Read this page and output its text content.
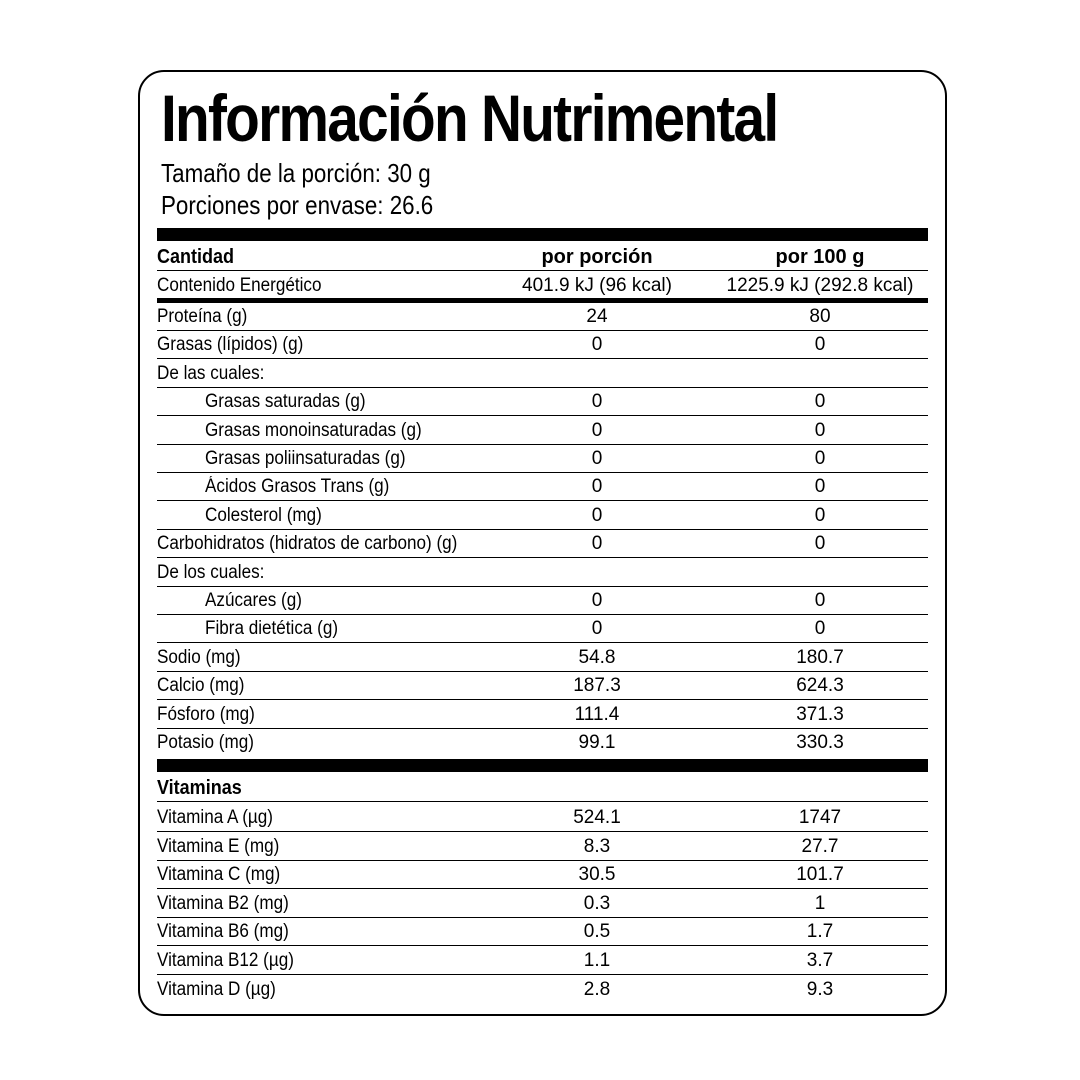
Información Nutrimental
Tamaño de la porción: 30 g
Porciones por envase: 26.6
Cantidad	por porción	por 100 g
Contenido Energético	401.9 kJ (96 kcal)	1225.9 kJ (292.8 kcal)
Proteína (g)	24	80
Grasas (lípidos) (g)	0	0
De las cuales:
Grasas saturadas (g)	0	0
Grasas monoinsaturadas (g)	0	0
Grasas poliinsaturadas (g)	0	0
Ácidos Grasos Trans (g)	0	0
Colesterol (mg)	0	0
Carbohidratos (hidratos de carbono) (g)	0	0
De los cuales:
Azúcares (g)	0	0
Fibra dietética (g)	0	0
Sodio (mg)	54.8	180.7
Calcio (mg)	187.3	624.3
Fósforo (mg)	111.4	371.3
Potasio (mg)	99.1	330.3
Vitaminas
Vitamina A (µg)	524.1	1747
Vitamina E (mg)	8.3	27.7
Vitamina C (mg)	30.5	101.7
Vitamina B2 (mg)	0.3	1
Vitamina B6 (mg)	0.5	1.7
Vitamina B12 (µg)	1.1	3.7
Vitamina D (µg)	2.8	9.3
